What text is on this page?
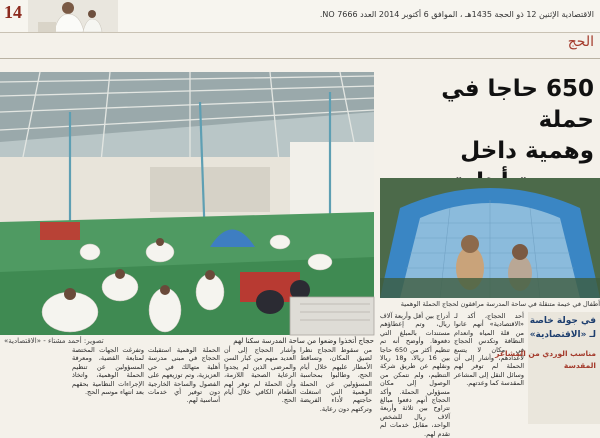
14	الاقتصادية الإثنين 12 ذو الحجة 1435هـ ، الموافق 6 أكتوبر 2014 العدد 7666 NO.
الحج
حجاج أتخذوا وضعوا من ساحة المدرسة سكنا لهم
تصوير: أحمد مشتاء - «الاقتصادية»
650 حاجا في حملة
وهمية داخل
أطفال في خيمة متنقلة في ساحة المدرسة مرافقون لحجاج الحملة الوهمية
أدراج بين أقل وأربعة آلاف ريال، وتم إعطاؤهم مستندات بالمبلغ التي دفعوها. وأوضح أنه تم تنظيم أكثر من 650 حاجا بين 16 ريالا، و18 ريالا ونقلهم عن طريق شركة التنظيم، ولم نتمكن من الوصول إلى مكان مسؤولي الحملة. وأكد الحجاج أنهم دفعوا مبالغ تتراوح بين ثلاثة وأربعة آلاف ريال للشخص الواحد، مقابل خدمات لم تقدم لهم.
أحد الحجاج، أكد لـ «الاقتصادية» أنهم عانوا من قلة المياه وانعدام النظافة وتكدس الحجاج في مكان لا يتسع لأعدادهم، وأشار إلى أن الحملة لم توفر لهم وسائل النقل إلى المشاعر المقدسة كما وعدتهم.
من سقوط الحجاج نظرا لضيق المكان، وتساقط الأمطار عليهم خلال أيام الحج، وطالبوا بمحاسبة المسؤولين عن الحملة الوهمية التي استغلت حاجتهم لأداء الفريضة وتركتهم دون رعاية.
وأشار الحجاج إلى أن العديد منهم من كبار السن والمرضى الذين لم يجدوا الرعاية الصحية اللازمة، وأن الحملة لم توفر لهم الطعام الكافي خلال أيام الحج.
الحملة الوهمية استقبلت الحجاج في مبنى مدرسة أهلية متهالك في حي العزيزية، وتم توزيعهم على الفصول والساحة الخارجية دون توفير أي خدمات أساسية لهم.
وتفرغت الجهات المختصة لمتابعة القضية، ومعرفة المسؤولين عن تنظيم الحملة الوهمية، واتخاذ الإجراءات النظامية بحقهم بعد انتهاء موسم الحج.
في جولة خاصة
لـ «الاقتصادية»
مناسب الوردي من المشاعر
المقدسة
